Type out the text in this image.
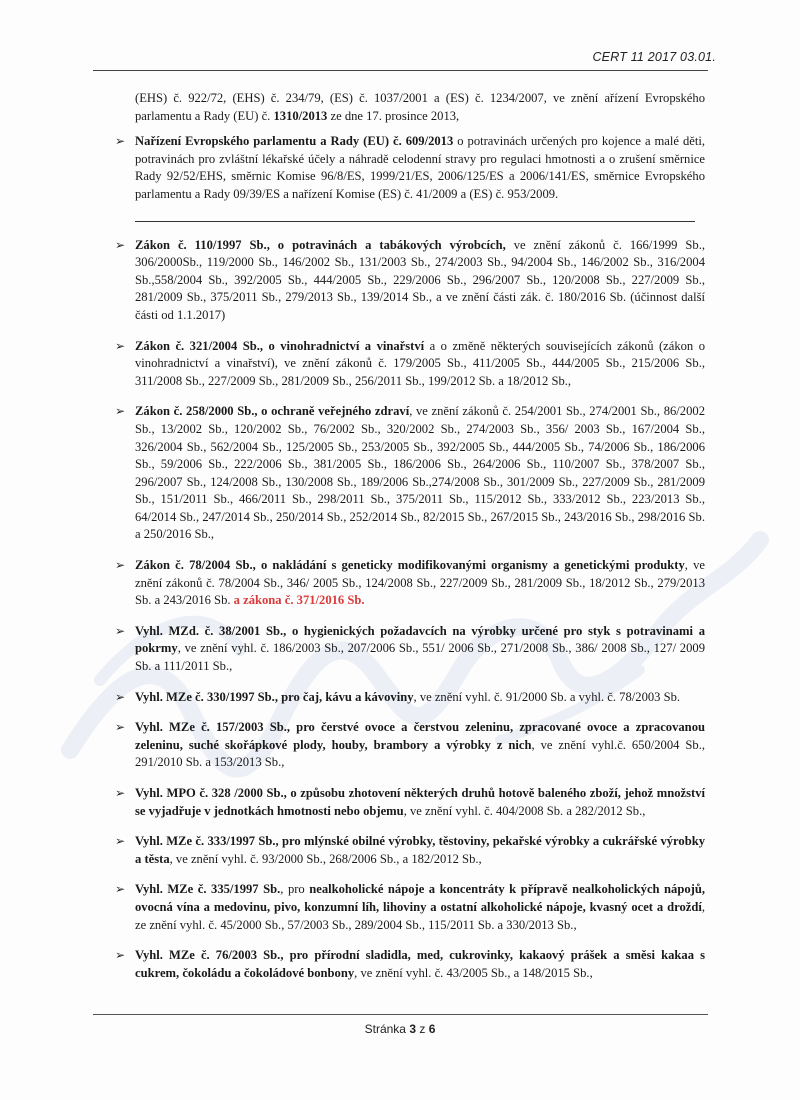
CERT 11 2017 03.01.
(EHS) č. 922/72, (EHS) č. 234/79, (ES) č. 1037/2001 a (ES) č. 1234/2007, ve znění ařízení Evropského parlamentu a Rady (EU) č. 1310/2013 ze dne 17. prosince 2013,
➢ Nařízení Evropského parlamentu a Rady (EU) č. 609/2013 o potravinách určených pro kojence a malé děti, potravinách pro zvláštní lékařské účely a náhradě celodenní stravy pro regulaci hmotnosti a o zrušení směrnice Rady 92/52/EHS, směrnic Komise 96/8/ES, 1999/21/ES, 2006/125/ES a 2006/141/ES, směrnice Evropského parlamentu a Rady 09/39/ES a nařízení Komise (ES) č. 41/2009 a (ES) č. 953/2009.
➢ Zákon č. 110/1997 Sb., o potravinách a tabákových výrobcích, ve znění zákonů č. 166/1999 Sb., 306/2000Sb., 119/2000 Sb., 146/2002 Sb., 131/2003 Sb., 274/2003 Sb., 94/2004 Sb., 146/2002 Sb., 316/2004 Sb.,558/2004 Sb., 392/2005 Sb., 444/2005 Sb., 229/2006 Sb., 296/2007 Sb., 120/2008 Sb., 227/2009 Sb., 281/2009 Sb., 375/2011 Sb., 279/2013 Sb., 139/2014 Sb., a ve znění části zák. č. 180/2016 Sb. (účinnost další části od 1.1.2017)
➢ Zákon č. 321/2004 Sb., o vinohradnictví a vinařství a o změně některých souvisejících zákonů (zákon o vinohradnictví a vinařství), ve znění zákonů č. 179/2005 Sb., 411/2005 Sb., 444/2005 Sb., 215/2006 Sb., 311/2008 Sb., 227/2009 Sb., 281/2009 Sb., 256/2011 Sb., 199/2012 Sb. a 18/2012 Sb.,
➢ Zákon č. 258/2000 Sb., o ochraně veřejného zdraví, ve znění zákonů č. 254/2001 Sb., 274/2001 Sb., 86/2002 Sb., 13/2002 Sb., 120/2002 Sb., 76/2002 Sb., 320/2002 Sb., 274/2003 Sb., 356/ 2003 Sb., 167/2004 Sb., 326/2004 Sb., 562/2004 Sb., 125/2005 Sb., 253/2005 Sb., 392/2005 Sb., 444/2005 Sb., 74/2006 Sb., 186/2006 Sb., 59/2006 Sb., 222/2006 Sb., 381/2005 Sb., 186/2006 Sb., 264/2006 Sb., 110/2007 Sb., 378/2007 Sb., 296/2007 Sb., 124/2008 Sb., 130/2008 Sb., 189/2006 Sb.,274/2008 Sb., 301/2009 Sb., 227/2009 Sb., 281/2009 Sb., 151/2011 Sb., 466/2011 Sb., 298/2011 Sb., 375/2011 Sb., 115/2012 Sb., 333/2012 Sb., 223/2013 Sb., 64/2014 Sb., 247/2014 Sb., 250/2014 Sb., 252/2014 Sb., 82/2015 Sb., 267/2015 Sb., 243/2016 Sb., 298/2016 Sb. a 250/2016 Sb.,
➢ Zákon č. 78/2004 Sb., o nakládání s geneticky modifikovanými organismy a genetickými produkty, ve znění zákonů č. 78/2004 Sb., 346/ 2005 Sb., 124/2008 Sb., 227/2009 Sb., 281/2009 Sb., 18/2012 Sb., 279/2013 Sb. a 243/2016 Sb. a zákona č. 371/2016 Sb.
➢ Vyhl. MZd. č. 38/2001 Sb., o hygienických požadavcích na výrobky určené pro styk s potravinami a pokrmy, ve znění vyhl. č. 186/2003 Sb., 207/2006 Sb., 551/ 2006 Sb., 271/2008 Sb., 386/ 2008 Sb., 127/ 2009 Sb. a 111/2011 Sb.,
➢ Vyhl. MZe č. 330/1997 Sb., pro čaj, kávu a kávoviny, ve znění vyhl. č. 91/2000 Sb. a vyhl. č. 78/2003 Sb.
➢ Vyhl. MZe č. 157/2003 Sb., pro čerstvé ovoce a čerstvou zeleninu, zpracované ovoce a zpracovanou zeleninu, suché skořápkové plody, houby, brambory a výrobky z nich, ve znění vyhl.č. 650/2004 Sb., 291/2010 Sb. a 153/2013 Sb.,
➢ Vyhl. MPO č. 328 /2000 Sb., o způsobu zhotovení některých druhů hotově baleného zboží, jehož množství se vyjadřuje v jednotkách hmotnosti nebo objemu, ve znění vyhl. č. 404/2008 Sb. a 282/2012 Sb.,
➢ Vyhl. MZe č. 333/1997 Sb., pro mlýnské obilné výrobky, těstoviny, pekařské výrobky a cukrářské výrobky a těsta, ve znění vyhl. č. 93/2000 Sb., 268/2006 Sb., a 182/2012 Sb.,
➢ Vyhl. MZe č. 335/1997 Sb., pro nealkoholické nápoje a koncentráty k přípravě nealkoholických nápojů, ovocná vína a medovinu, pivo, konzumní líh, lihoviny a ostatní alkoholické nápoje, kvasný ocet a droždí, ze znění vyhl. č. 45/2000 Sb., 57/2003 Sb., 289/2004 Sb., 115/2011 Sb. a 330/2013 Sb.,
➢ Vyhl. MZe č. 76/2003 Sb., pro přírodní sladidla, med, cukrovinky, kakaový prášek a směsi kakaa s cukrem, čokoládu a čokoládové bonbony, ve znění vyhl. č. 43/2005 Sb., a 148/2015 Sb.,
Stránka 3 z 6
